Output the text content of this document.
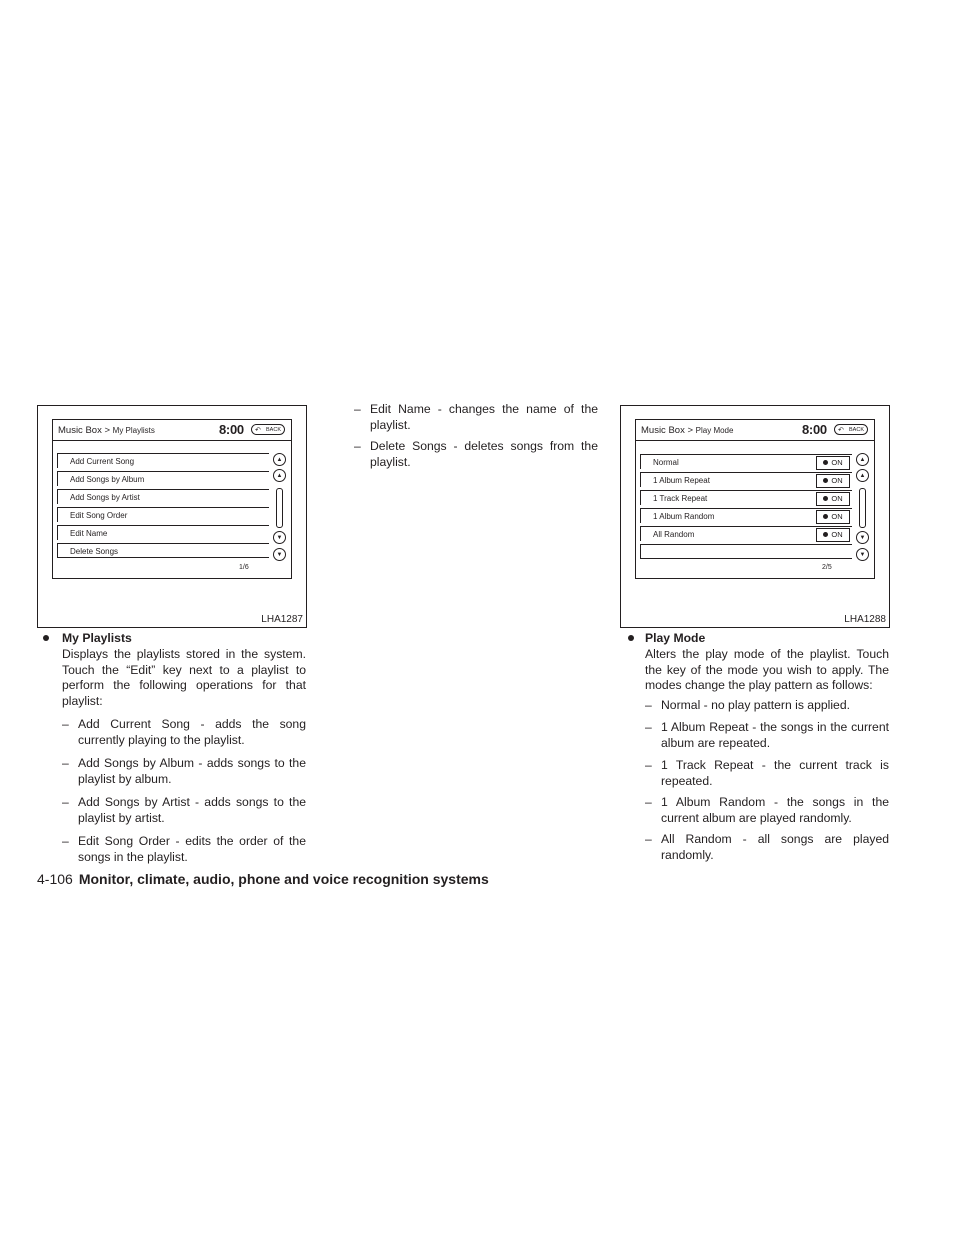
Music Box > My Playlists	8:00 ↶ BACK
Add Current Song
Add Songs by Album
Add Songs by Artist
Edit Song Order
Edit Name
Delete Songs
▲
▲
▼
▼
1/6
LHA1287
Music Box > Play Mode	8:00 ↶ BACK
Normal	ON
1 Album Repeat	ON
1 Track Repeat	ON
1 Album Random	ON
All Random	ON
▲
▲
▼
▼
2/5
LHA1288
My Playlists
Displays the playlists stored in the system. Touch the “Edit” key next to a playlist to perform the following operations for that playlist:
– Add Current Song - adds the song currently playing to the playlist.
– Add Songs by Album - adds songs to the playlist by album.
– Add Songs by Artist - adds songs to the playlist by artist.
– Edit Song Order - edits the order of the songs in the playlist.
– Edit Name - changes the name of the playlist.
– Delete Songs - deletes songs from the playlist.
Play Mode
Alters the play mode of the playlist. Touch the key of the mode you wish to apply. The modes change the play pattern as follows:
– Normal - no play pattern is applied.
– 1 Album Repeat - the songs in the current album are repeated.
– 1 Track Repeat - the current track is repeated.
– 1 Album Random - the songs in the current album are played randomly.
– All Random - all songs are played randomly.
4-106 Monitor, climate, audio, phone and voice recognition systems
